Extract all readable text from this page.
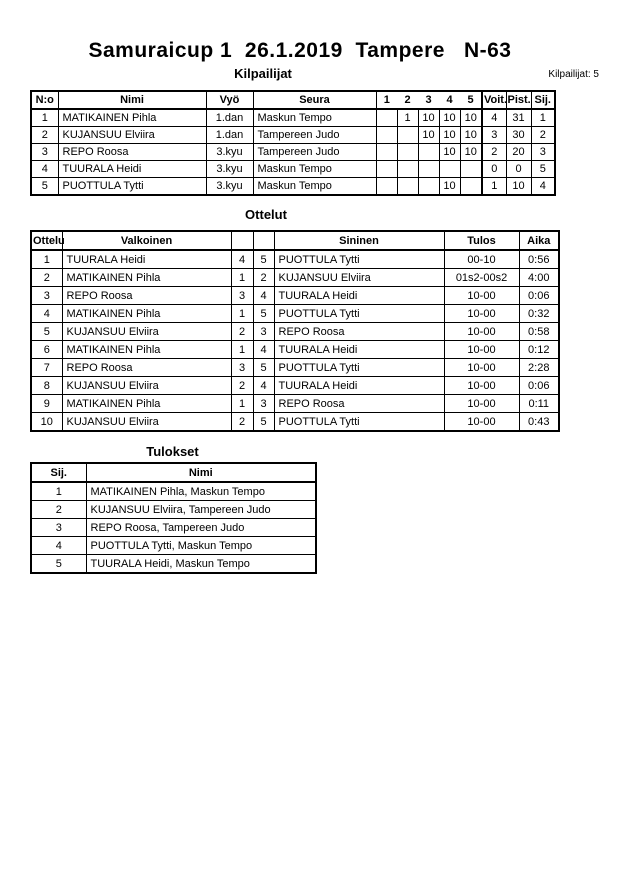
Samuraicup 1  26.1.2019  Tampere   N-63
Kilpailijat: 5
Kilpailijat
N:o	Nimi	Vyö	Seura	1	2	3	4	5	Voit.	Pist.	Sij.
1	MATIKAINEN Pihla	1.dan	Maskun Tempo		1	10	10	10	4	31	1
2	KUJANSUU Elviira	1.dan	Tampereen Judo			10	10	10	3	30	2
3	REPO Roosa	3.kyu	Tampereen Judo				10	10	2	20	3
4	TUURALA Heidi	3.kyu	Maskun Tempo						0	0	5
5	PUOTTULA Tytti	3.kyu	Maskun Tempo				10		1	10	4
Ottelut
Ottelu	Valkoinen			Sininen	Tulos	Aika
1	TUURALA Heidi	4	5	PUOTTULA Tytti	00-10	0:56
2	MATIKAINEN Pihla	1	2	KUJANSUU Elviira	01s2-00s2	4:00
3	REPO Roosa	3	4	TUURALA Heidi	10-00	0:06
4	MATIKAINEN Pihla	1	5	PUOTTULA Tytti	10-00	0:32
5	KUJANSUU Elviira	2	3	REPO Roosa	10-00	0:58
6	MATIKAINEN Pihla	1	4	TUURALA Heidi	10-00	0:12
7	REPO Roosa	3	5	PUOTTULA Tytti	10-00	2:28
8	KUJANSUU Elviira	2	4	TUURALA Heidi	10-00	0:06
9	MATIKAINEN Pihla	1	3	REPO Roosa	10-00	0:11
10	KUJANSUU Elviira	2	5	PUOTTULA Tytti	10-00	0:43
Tulokset
Sij.	Nimi
1	MATIKAINEN Pihla, Maskun Tempo
2	KUJANSUU Elviira, Tampereen Judo
3	REPO Roosa, Tampereen Judo
4	PUOTTULA Tytti, Maskun Tempo
5	TUURALA Heidi, Maskun Tempo
